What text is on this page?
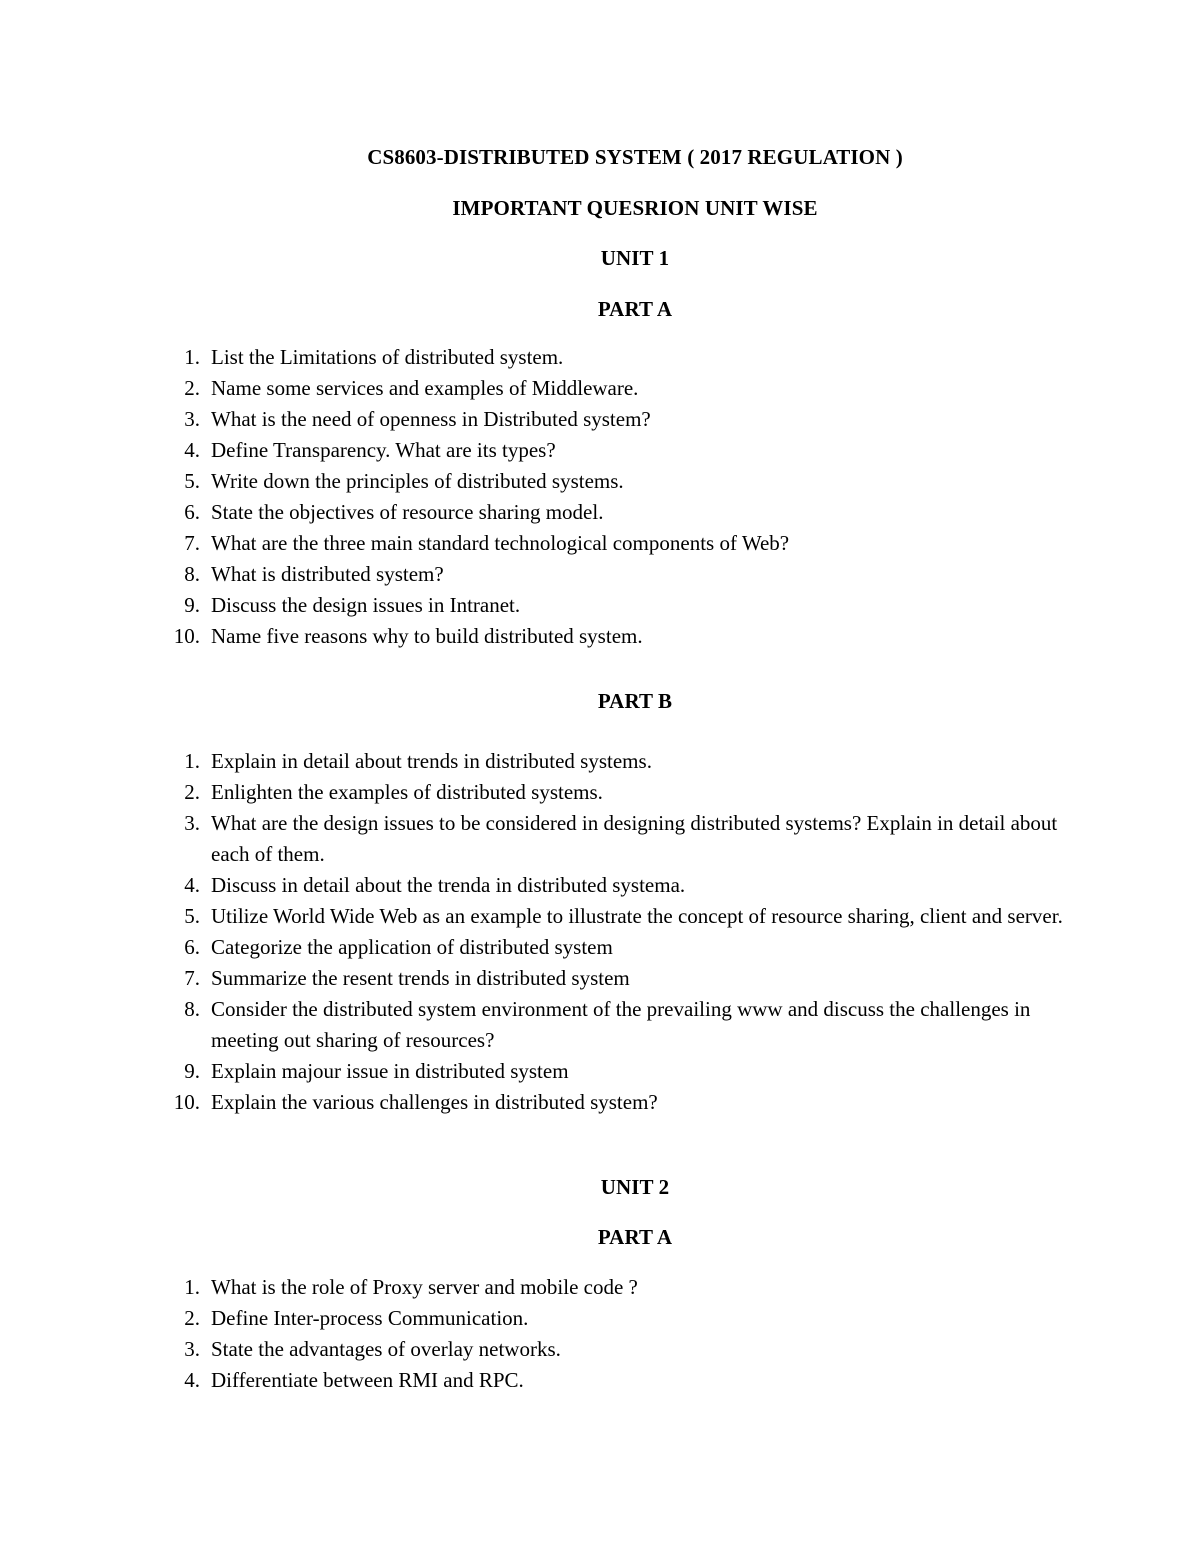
CS8603-DISTRIBUTED SYSTEM ( 2017 REGULATION )
IMPORTANT QUESRION UNIT WISE
UNIT 1
PART A
1. List the Limitations of distributed system.
2. Name some services and examples of Middleware.
3. What is the need of openness in Distributed system?
4. Define Transparency. What are its types?
5. Write down the principles of distributed systems.
6. State the objectives of resource sharing model.
7. What are the three main standard technological components of Web?
8. What is distributed system?
9. Discuss the design issues in Intranet.
10. Name five reasons why to build distributed system.
PART B
1. Explain in detail about trends in distributed systems.
2. Enlighten the examples of distributed systems.
3. What are the design issues to be considered in designing distributed systems? Explain in detail about each of them.
4. Discuss in detail about the trenda in distributed systema.
5. Utilize World Wide Web as an example to illustrate the concept of resource sharing, client and server.
6. Categorize the application of distributed system
7. Summarize the resent trends in distributed system
8. Consider the distributed system environment of the prevailing www and discuss the challenges in meeting out sharing of resources?
9. Explain majour issue in distributed system
10. Explain the various challenges in distributed system?
UNIT 2
PART A
1. What is the role of Proxy server and mobile code ?
2. Define Inter-process Communication.
3. State the advantages of overlay networks.
4. Differentiate between RMI and RPC.
